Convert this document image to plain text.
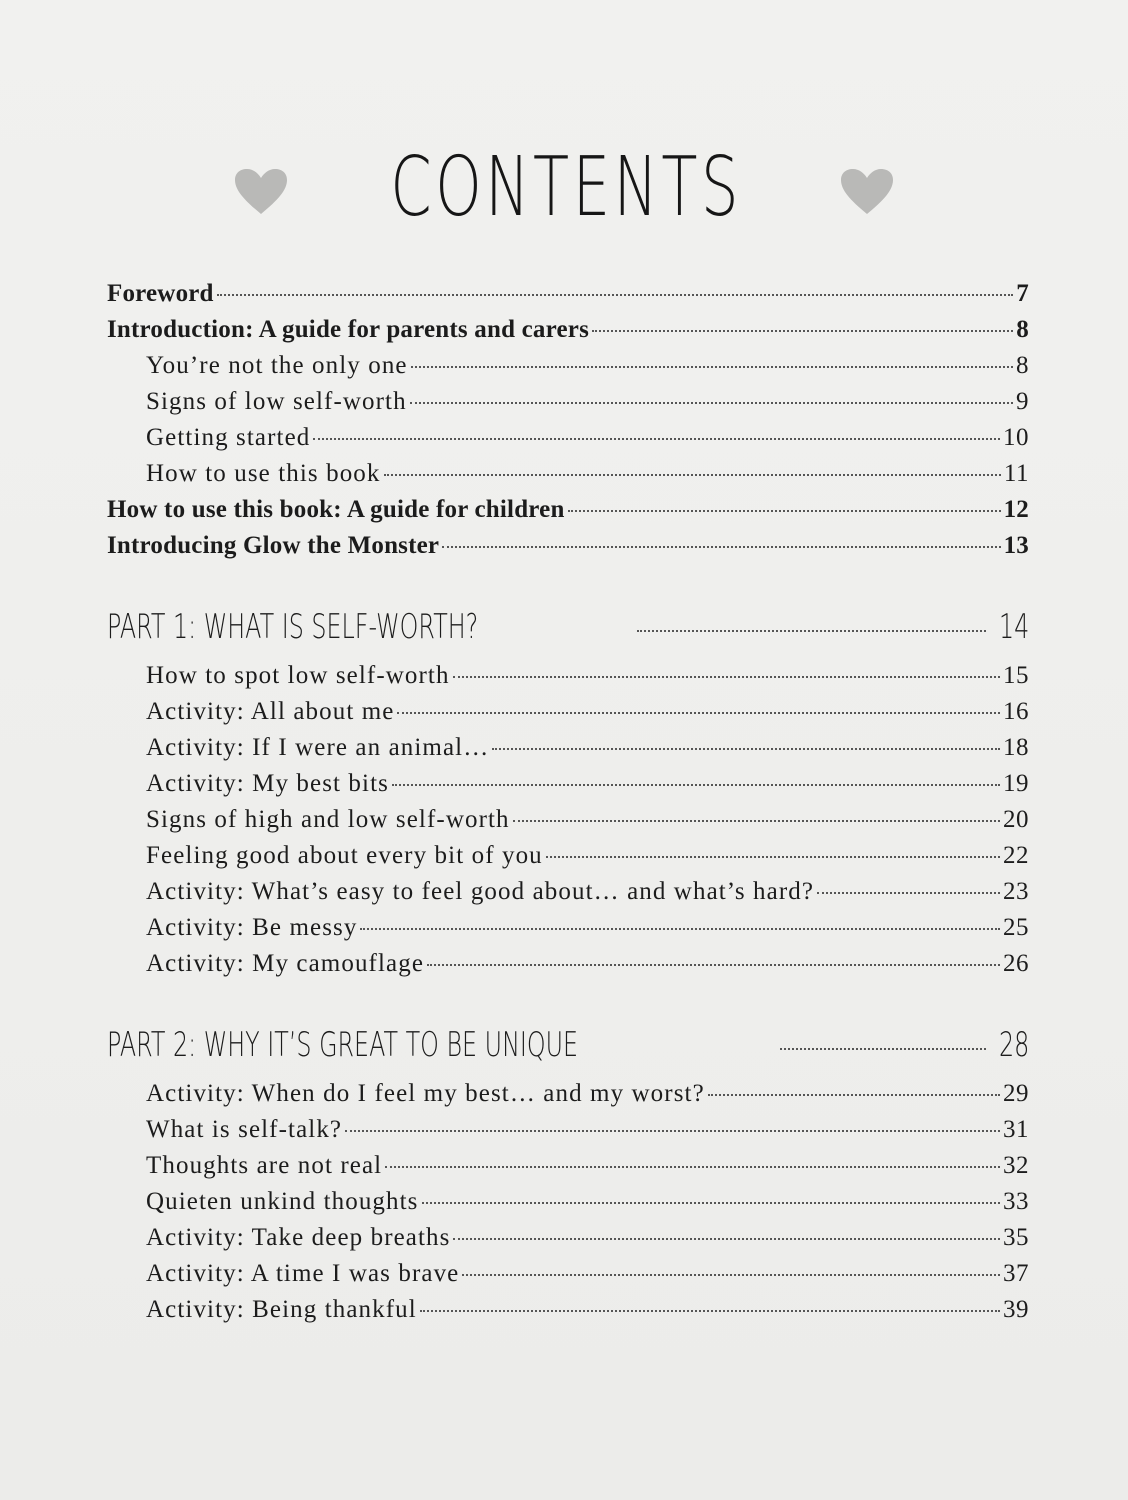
CONTENTS
Foreword	7
Introduction: A guide for parents and carers	8
You’re not the only one	8
Signs of low self-worth	9
Getting started	10
How to use this book	11
How to use this book: A guide for children	12
Introducing Glow the Monster	13
PART 1: WHAT IS SELF-WORTH?	14
How to spot low self-worth	15
Activity: All about me	16
Activity: If I were an animal…	18
Activity: My best bits	19
Signs of high and low self-worth	20
Feeling good about every bit of you	22
Activity: What’s easy to feel good about… and what’s hard?	23
Activity: Be messy	25
Activity: My camouflage	26
PART 2: WHY IT’S GREAT TO BE UNIQUE	28
Activity: When do I feel my best… and my worst?	29
What is self-talk?	31
Thoughts are not real	32
Quieten unkind thoughts	33
Activity: Take deep breaths	35
Activity: A time I was brave	37
Activity: Being thankful	39
